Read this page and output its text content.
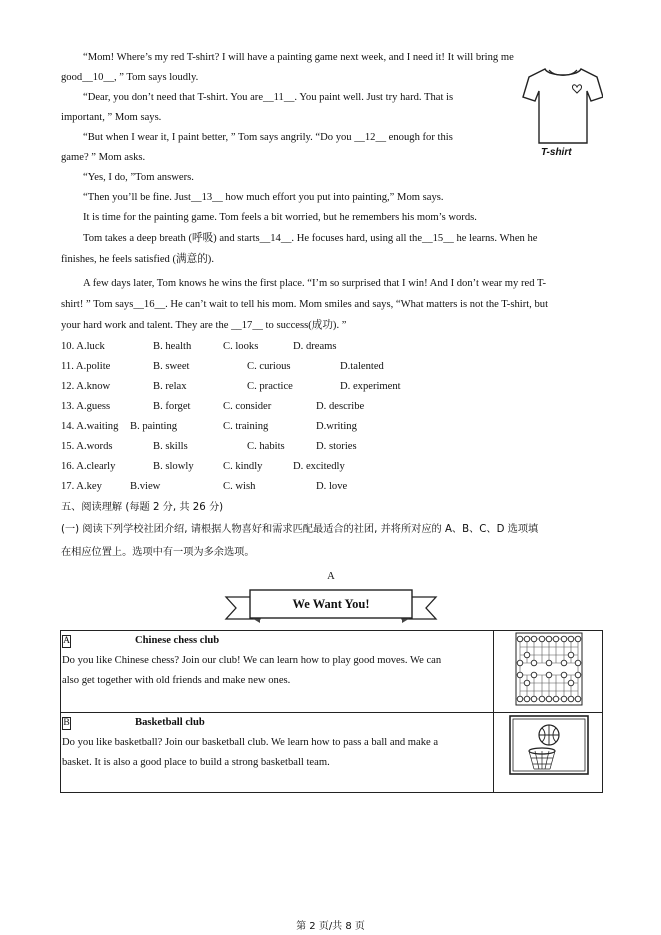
“Mom! Where’s my red T-shirt? I will have a painting game next week, and I need it! It will bring me
good__10__, ” Tom says loudly.
“Dear, you don’t need that T-shirt. You are__11__. You paint well. Just try hard. That is
important, ” Mom says.
“But when I wear it, I paint better, ” Tom says angrily. “Do you __12__ enough for this
game? ” Mom asks.
“Yes, I do, ”Tom answers.
“Then you’ll be fine. Just__13__ how much effort you put into painting,” Mom says.
It is time for the painting game. Tom feels a bit worried, but he remembers his mom’s words.
Tom takes a deep breath (呼吸) and starts__14__. He focuses hard, using all the__15__ he learns. When he
finishes, he feels satisfied (满意的).
A few days later, Tom knows he wins the first place. “I’m so surprised that I win! And I don’t wear my red T-
shirt! ” Tom says__16__. He can’t wait to tell his mom. Mom smiles and says, “What matters is not the T-shirt, but
your hard work and talent. They are the __17__ to success(成功). ”
T-shirt
10. A.luck	B. health	C. looks	D. dreams
11. A.polite	B. sweet	C. curious	D.talented
12. A.know	B. relax	C. practice	D. experiment
13. A.guess	B. forget	C. consider	D. describe
14. A.waiting B. painting	C. training	D.writing
15. A.words	B. skills	C. habits	D. stories
16. A.clearly	B. slowly	C. kindly	D. excitedly
17. A.key	B.view	C. wish	D. love
五、阅读理解 (每题 2 分, 共 26 分)
(一) 阅读下列学校社团介绍, 请根据人物喜好和需求匹配最适合的社团, 并将所对应的 A、B、C、D 选项填
在相应位置上。选项中有一项为多余选项。
A
We Want You!
A Chinese chess club
Do you like Chinese chess? Join our club! We can learn how to play good moves. We can
also get together with old friends and make new ones.

B Basketball club
Do you like basketball? Join our basketball club. We learn how to pass a ball and make a
basket. It is also a good place to build a strong basketball team.

第 2 页/共 8 页
